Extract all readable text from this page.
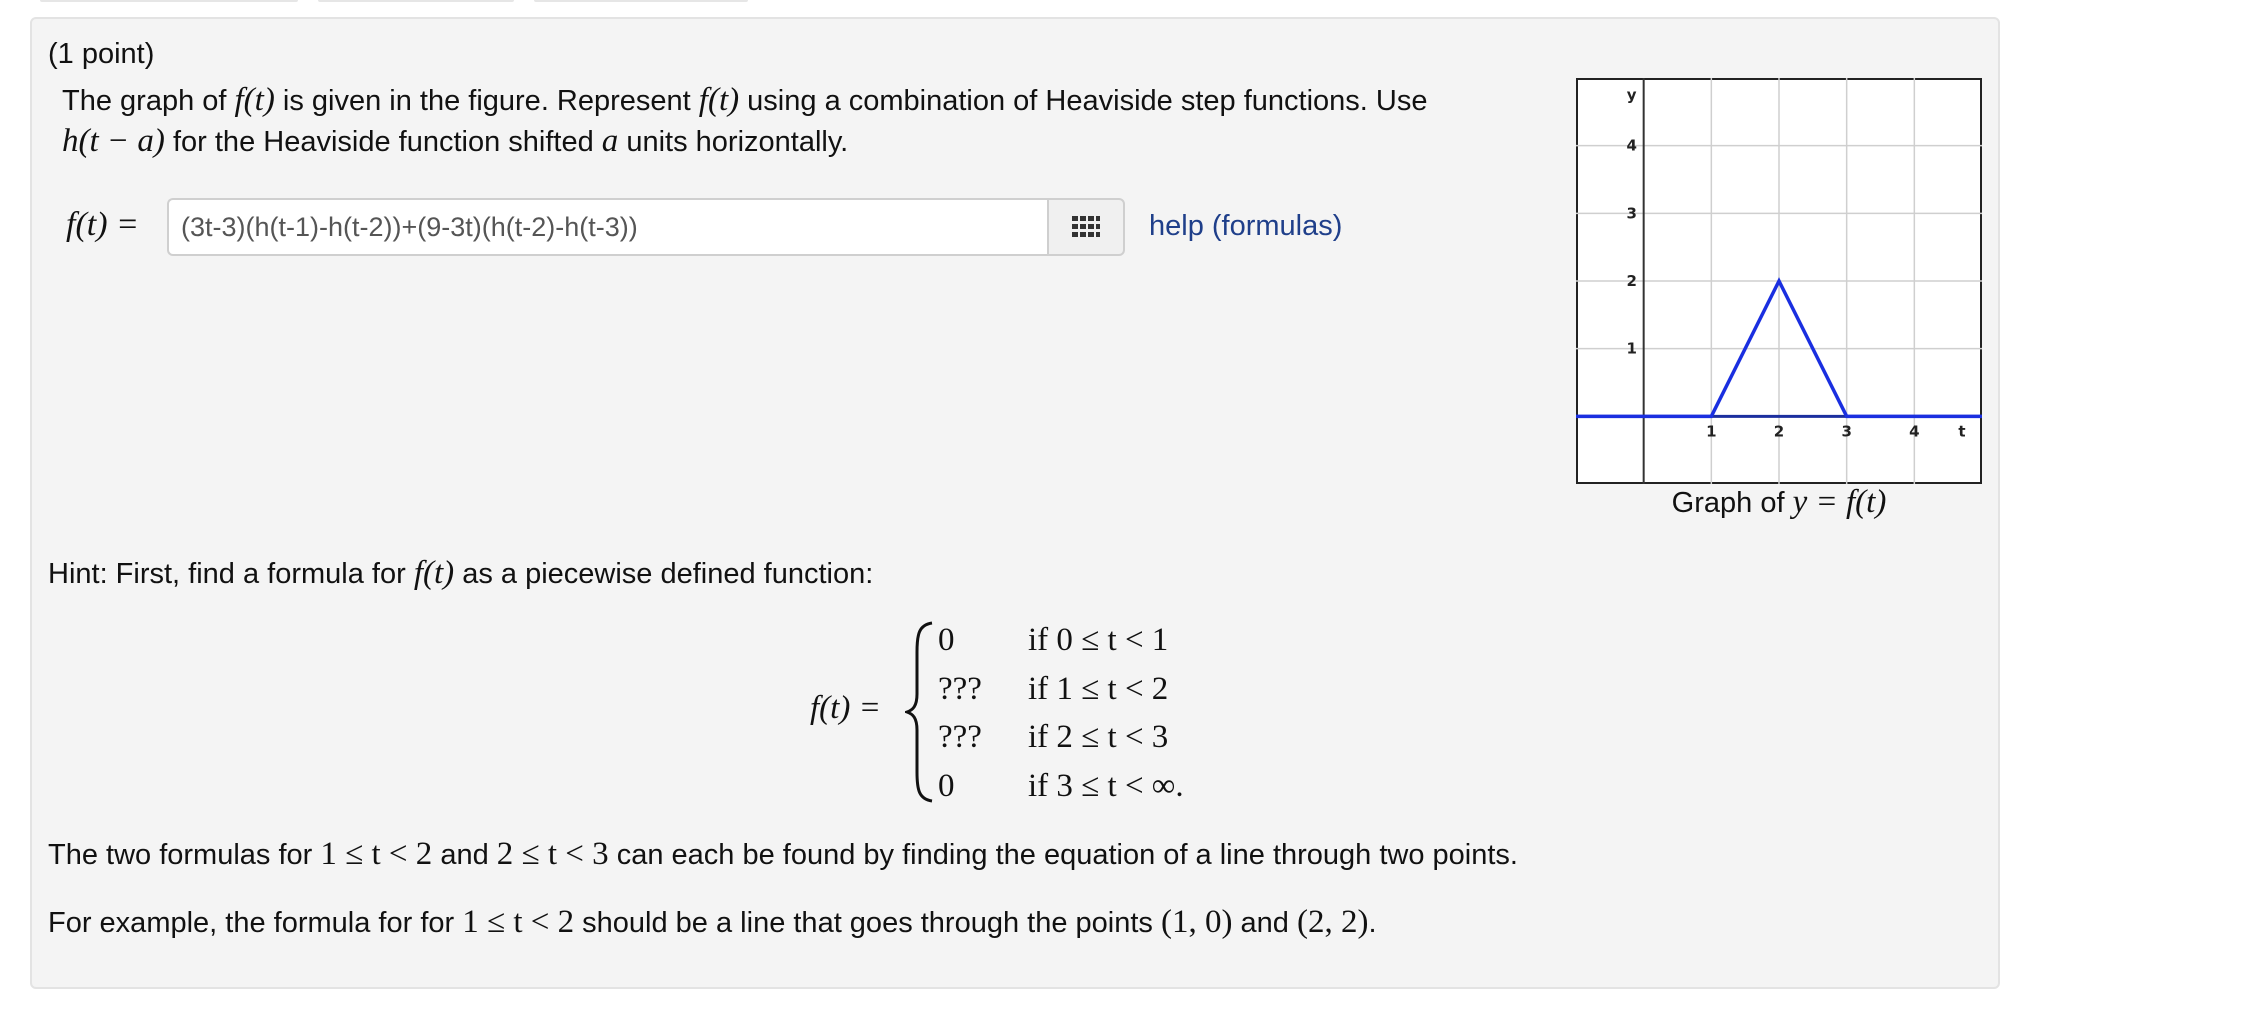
(1 point)
The graph of f(t) is given in the figure. Represent f(t) using a combination of Heaviside step functions. Use
h(t − a) for the Heaviside function shifted a units horizontally.
f(t) =
(3t-3)(h(t-1)-h(t-2))+(9-3t)(h(t-2)-h(t-3))	help (formulas)
1	2	3	4
1
2
3
4
t
y
Graph of y = f(t)
Hint: First, find a formula for f(t) as a piecewise defined function:
f(t) =
0 if 0 ≤ t < 1
??? if 1 ≤ t < 2
??? if 2 ≤ t < 3
0 if 3 ≤ t < ∞.
The two formulas for 1 ≤ t < 2 and 2 ≤ t < 3 can each be found by finding the equation of a line through two points.
For example, the formula for for 1 ≤ t < 2 should be a line that goes through the points (1, 0) and (2, 2).
